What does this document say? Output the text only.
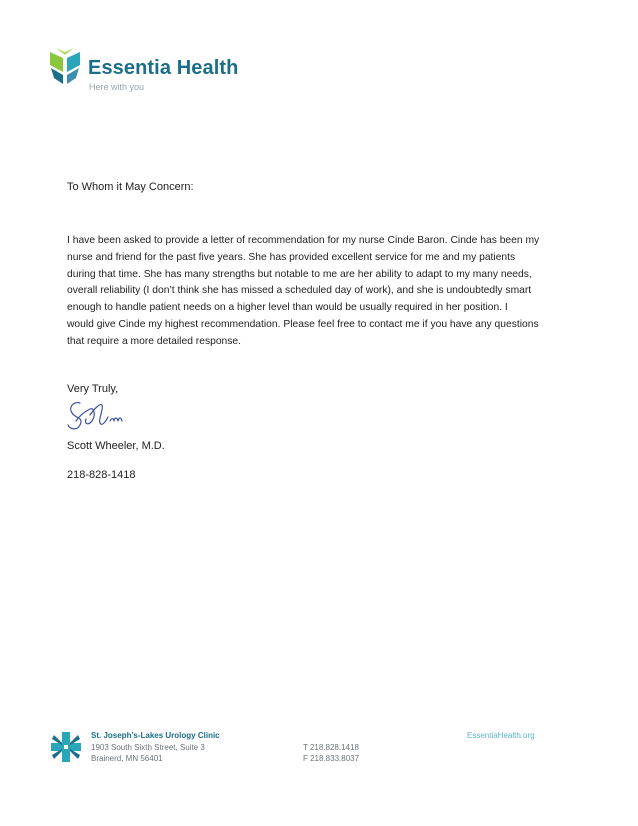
Essentia Health
Here with you
To Whom it May Concern:
I have been asked to provide a letter of recommendation for my nurse Cinde Baron. Cinde has been my
nurse and friend for the past five years. She has provided excellent service for me and my patients
during that time. She has many strengths but notable to me are her ability to adapt to my many needs,
overall reliability (I don’t think she has missed a scheduled day of work), and she is undoubtedly smart
enough to handle patient needs on a higher level than would be usually required in her position. I
would give Cinde my highest recommendation. Please feel free to contact me if you have any questions
that require a more detailed response.
Very Truly,
Scott Wheeler, M.D.
218-828-1418
St. Joseph’s-Lakes Urology Clinic
1903 South Sixth Street, Suite 3
Brainerd, MN 56401
T 218.828.1418
F 218.833.8037
EssentiaHealth.org
